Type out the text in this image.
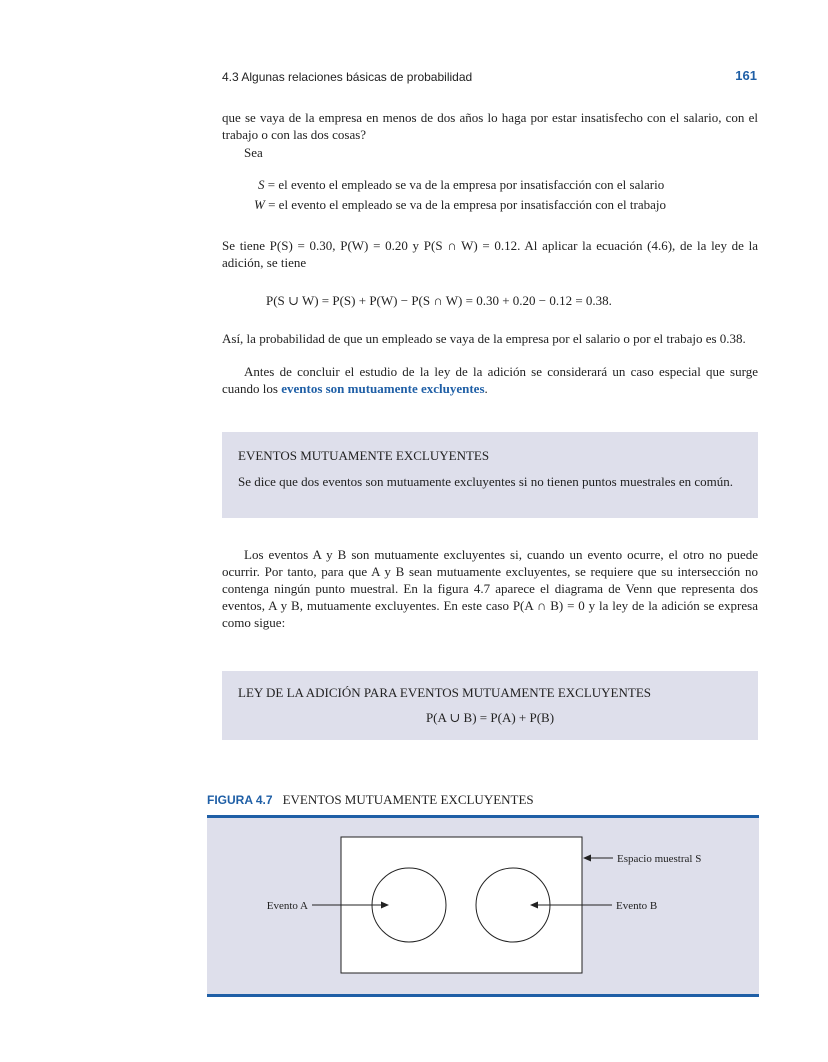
4.3 Algunas relaciones básicas de probabilidad	161

que se vaya de la empresa en menos de dos años lo haga por estar insatisfecho con el salario, con el trabajo o con las dos cosas?

Sea

S = el evento el empleado se va de la empresa por insatisfacción con el salario
W = el evento el empleado se va de la empresa por insatisfacción con el trabajo

Se tiene P(S) = 0.30, P(W) = 0.20 y P(S ∩ W) = 0.12. Al aplicar la ecuación (4.6), de la ley de la adición, se tiene

P(S ∪ W) = P(S) + P(W) − P(S ∩ W) = 0.30 + 0.20 − 0.12 = 0.38.

Así, la probabilidad de que un empleado se vaya de la empresa por el salario o por el trabajo es 0.38.

Antes de concluir el estudio de la ley de la adición se considerará un caso especial que surge cuando los eventos son mutuamente excluyentes.

EVENTOS MUTUAMENTE EXCLUYENTES

Se dice que dos eventos son mutuamente excluyentes si no tienen puntos muestrales en común.

Los eventos A y B son mutuamente excluyentes si, cuando un evento ocurre, el otro no puede ocurrir. Por tanto, para que A y B sean mutuamente excluyentes, se requiere que su intersección no contenga ningún punto muestral. En la figura 4.7 aparece el diagrama de Venn que representa dos eventos, A y B, mutuamente excluyentes. En este caso P(A ∩ B) = 0 y la ley de la adición se expresa como sigue:

LEY DE LA ADICIÓN PARA EVENTOS MUTUAMENTE EXCLUYENTES
P(A ∪ B) = P(A) + P(B)
FIGURA 4.7 EVENTOS MUTUAMENTE EXCLUYENTES
Espacio muestral S
Evento A	Evento B
